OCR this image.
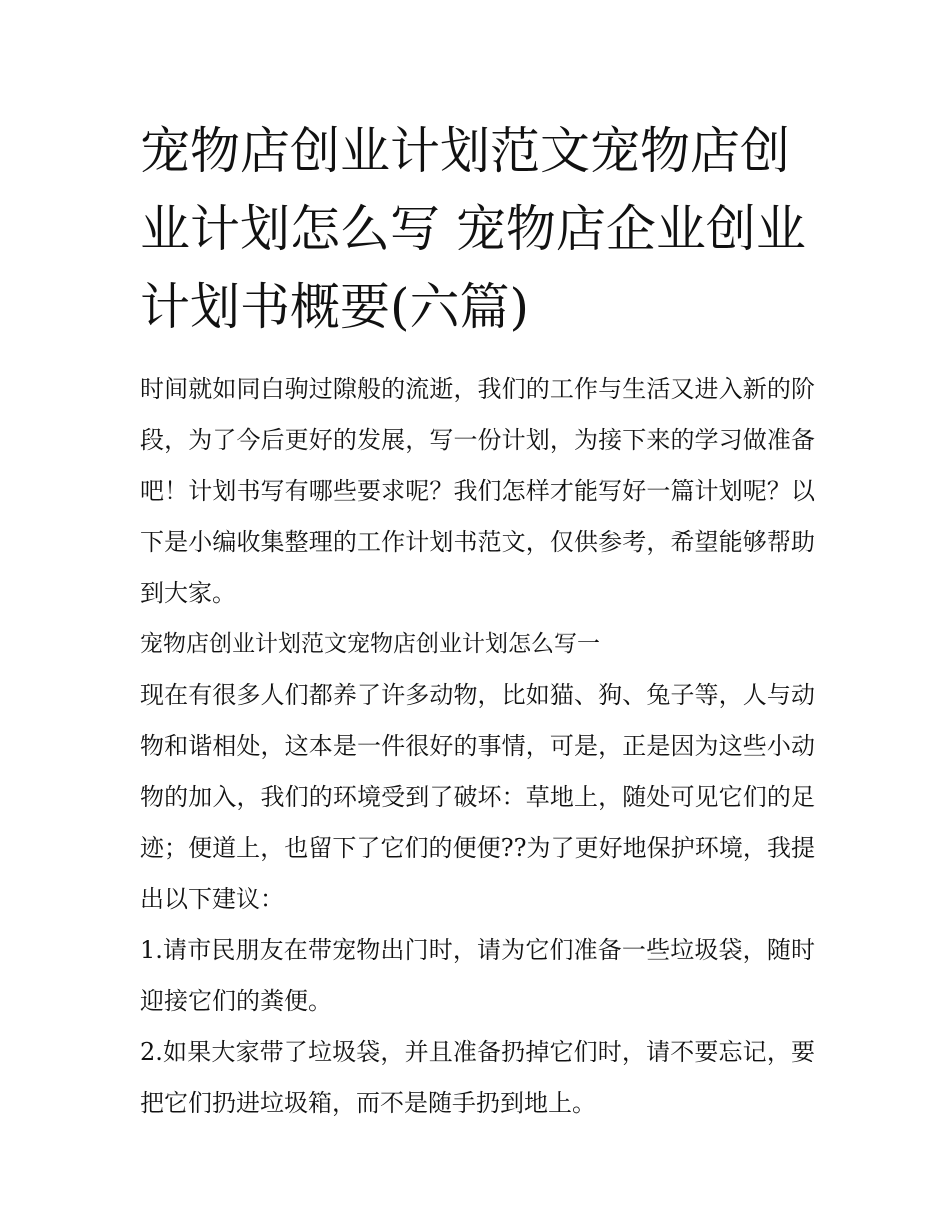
宠物店创业计划范文宠物店创业计划怎么写 宠物店企业创业计划书概要(六篇)

时间就如同白驹过隙般的流逝，我们的工作与生活又进入新的阶段，为了今后更好的发展，写一份计划，为接下来的学习做准备吧！计划书写有哪些要求呢？我们怎样才能写好一篇计划呢？以下是小编收集整理的工作计划书范文，仅供参考，希望能够帮助到大家。

宠物店创业计划范文宠物店创业计划怎么写一

现在有很多人们都养了许多动物，比如猫、狗、兔子等，人与动物和谐相处，这本是一件很好的事情，可是，正是因为这些小动物的加入，我们的环境受到了破坏：草地上，随处可见它们的足迹；便道上，也留下了它们的便便??为了更好地保护环境，我提出以下建议：

1.请市民朋友在带宠物出门时，请为它们准备一些垃圾袋，随时迎接它们的粪便。

2.如果大家带了垃圾袋，并且准备扔掉它们时，请不要忘记，要把它们扔进垃圾箱，而不是随手扔到地上。
